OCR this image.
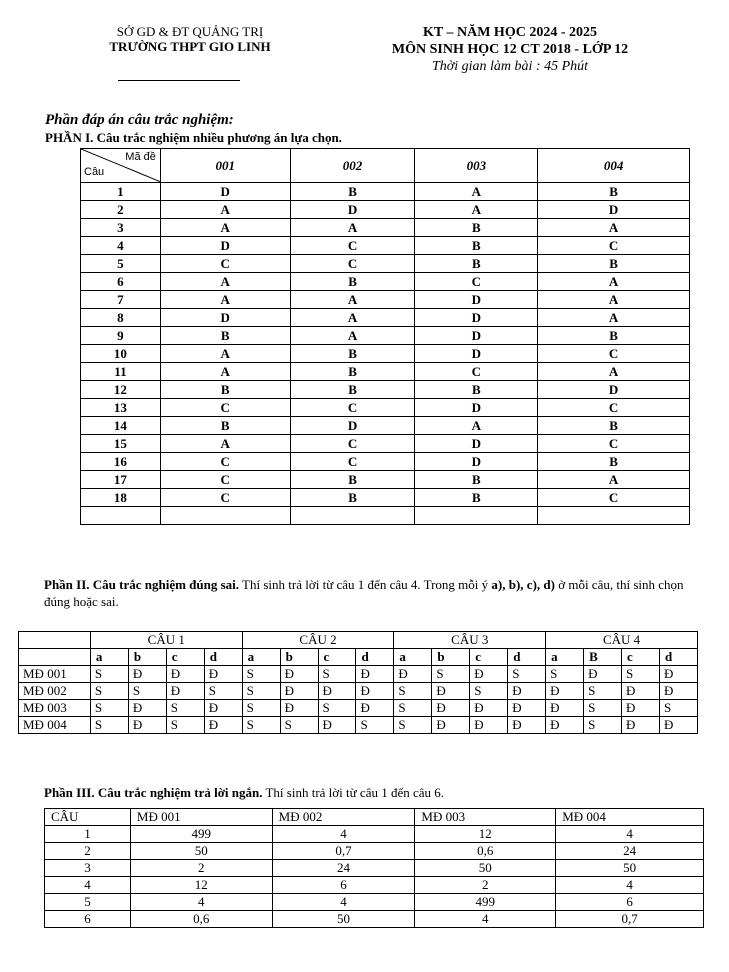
SỞ GD & ĐT QUẢNG TRỊ
TRƯỜNG THPT GIO LINH
KT – NĂM HỌC 2024 - 2025
MÔN SINH HỌC 12 CT 2018 - LỚP 12
Thời gian làm bài : 45 Phút
Phần đáp án câu trắc nghiệm:
PHẦN I. Câu trắc nghiệm nhiều phương án lựa chọn.
Mã đề
Câu	001	002	003	004
1	D	B	A	B
2	A	D	A	D
3	A	A	B	A
4	D	C	B	C
5	C	C	B	B
6	A	B	C	A
7	A	A	D	A
8	D	A	D	A
9	B	A	D	B
10	A	B	D	C
11	A	B	C	A
12	B	B	B	D
13	C	C	D	C
14	B	D	A	B
15	A	C	D	C
16	C	C	D	B
17	C	B	B	A
18	C	B	B	C

Phần II. Câu trắc nghiệm đúng sai. Thí sinh trả lời từ câu 1 đến câu 4. Trong mỗi ý a), b), c), d) ở mỗi câu, thí sinh chọn đúng hoặc sai.
	CÂU 1				CÂU 2				CÂU 3				CÂU 4			
	a	b	c	d	a	b	c	d	a	b	c	d	a	B	c	d
MĐ 001	S	Đ	Đ	Đ	S	Đ	S	Đ	Đ	S	Đ	S	S	Đ	S	Đ
MĐ 002	S	S	Đ	S	S	Đ	Đ	Đ	S	Đ	S	Đ	Đ	S	Đ	Đ
MĐ 003	S	Đ	S	Đ	S	Đ	S	Đ	S	Đ	Đ	Đ	Đ	S	Đ	S
MĐ 004	S	Đ	S	Đ	S	S	Đ	S	S	Đ	Đ	Đ	Đ	S	Đ	Đ
Phần III. Câu trắc nghiệm trả lời ngắn. Thí sinh trả lời từ câu 1 đến câu 6.
CÂU	MĐ 001	MĐ 002	MĐ 003	MĐ 004
1	499	4	12	4
2	50	0,7	0,6	24
3	2	24	50	50
4	12	6	2	4
5	4	4	499	6
6	0,6	50	4	0,7
